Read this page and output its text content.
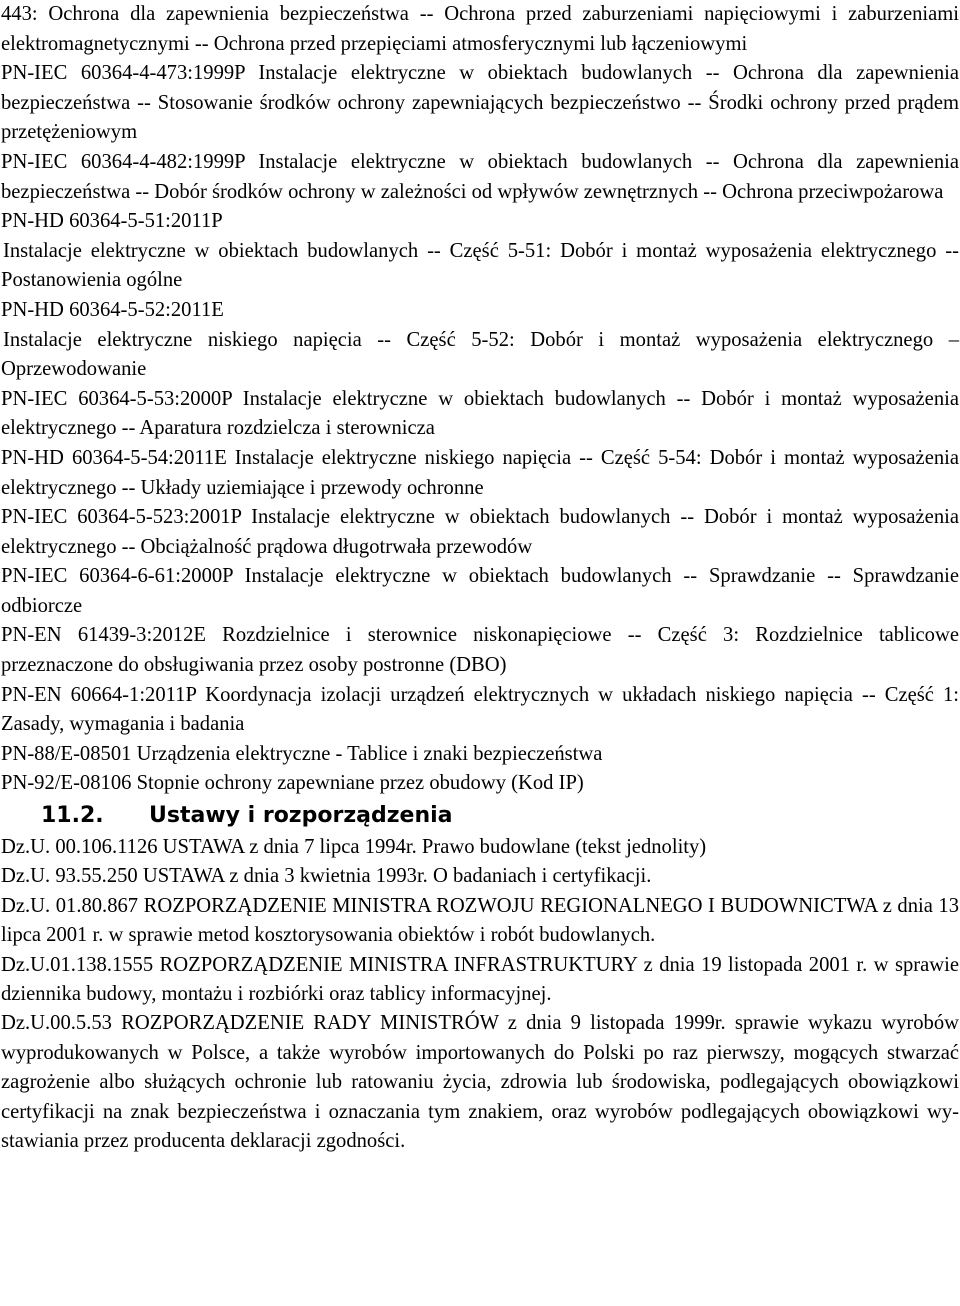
443: Ochrona dla zapewnienia bezpieczeństwa -- Ochrona przed zaburzeniami napięciowymi i zaburzeniami elektromagnetycznymi -- Ochrona przed przepięciami atmosferycznymi lub łączeniowymi

PN-IEC 60364-4-473:1999P Instalacje elektryczne w obiektach budowlanych -- Ochrona dla zapewnienia bezpieczeństwa -- Stosowanie środków ochrony zapewniających bezpieczeństwo -- Środki ochrony przed prądem przetężeniowym

PN-IEC 60364-4-482:1999P Instalacje elektryczne w obiektach budowlanych -- Ochrona dla zapewnienia bezpieczeństwa -- Dobór środków ochrony w zależności od wpływów zewnętrznych -- Ochrona przeciwpożarowa

PN-HD 60364-5-51:2011P

Instalacje elektryczne w obiektach budowlanych -- Część 5-51: Dobór i montaż wyposażenia elektrycznego -- Postanowienia ogólne

PN-HD 60364-5-52:2011E

Instalacje elektryczne niskiego napięcia -- Część 5-52: Dobór i montaż wyposażenia elektrycznego – Oprzewodowanie

PN-IEC 60364-5-53:2000P Instalacje elektryczne w obiektach budowlanych -- Dobór i montaż wyposażenia elektrycznego -- Aparatura rozdzielcza i sterownicza

PN-HD 60364-5-54:2011E Instalacje elektryczne niskiego napięcia -- Część 5-54: Dobór i montaż wyposażenia elektrycznego -- Układy uziemiające i przewody ochronne

PN-IEC 60364-5-523:2001P Instalacje elektryczne w obiektach budowlanych -- Dobór i montaż wyposażenia elektrycznego -- Obciążalność prądowa długotrwała przewodów

PN-IEC 60364-6-61:2000P Instalacje elektryczne w obiektach budowlanych -- Sprawdzanie -- Sprawdzanie odbiorcze

PN-EN 61439-3:2012E Rozdzielnice i sterownice niskonapięciowe -- Część 3: Rozdzielnice tablicowe przeznaczone do obsługiwania przez osoby postronne (DBO)

PN-EN 60664-1:2011P Koordynacja izolacji urządzeń elektrycznych w układach niskiego napięcia -- Część 1: Zasady, wymagania i badania

PN-88/E-08501 Urządzenia elektryczne - Tablice i znaki bezpieczeństwa

PN-92/E-08106 Stopnie ochrony zapewniane przez obudowy (Kod IP)

11.2. Ustawy i rozporządzenia

Dz.U. 00.106.1126 USTAWA z dnia 7 lipca 1994r. Prawo budowlane (tekst jednolity)

Dz.U. 93.55.250 USTAWA z dnia 3 kwietnia 1993r. O badaniach i certyfikacji.

Dz.U. 01.80.867 ROZPORZĄDZENIE MINISTRA ROZWOJU REGIONALNEGO I BUDOWNICTWA z dnia 13 lipca 2001 r. w sprawie metod kosztorysowania obiektów i robót budowlanych.

Dz.U.01.138.1555 ROZPORZĄDZENIE MINISTRA INFRASTRUKTURY z dnia 19 listopada 2001 r. w sprawie dziennika budowy, montażu i rozbiórki oraz tablicy informacyjnej.

Dz.U.00.5.53 ROZPORZĄDZENIE RADY MINISTRÓW z dnia 9 listopada 1999r. sprawie wykazu wyrobów wyprodukowanych w Polsce, a także wyrobów importowanych do Polski po raz pierwszy, mogących stwarzać zagrożenie albo służących ochronie lub ratowaniu życia, zdrowia lub środowiska, podlegających obowiązkowi certyfikacji na znak bezpieczeństwa i oznaczania tym znakiem, oraz wyrobów podlegających obowiązkowi wy-stawiania przez producenta deklaracji zgodności.
